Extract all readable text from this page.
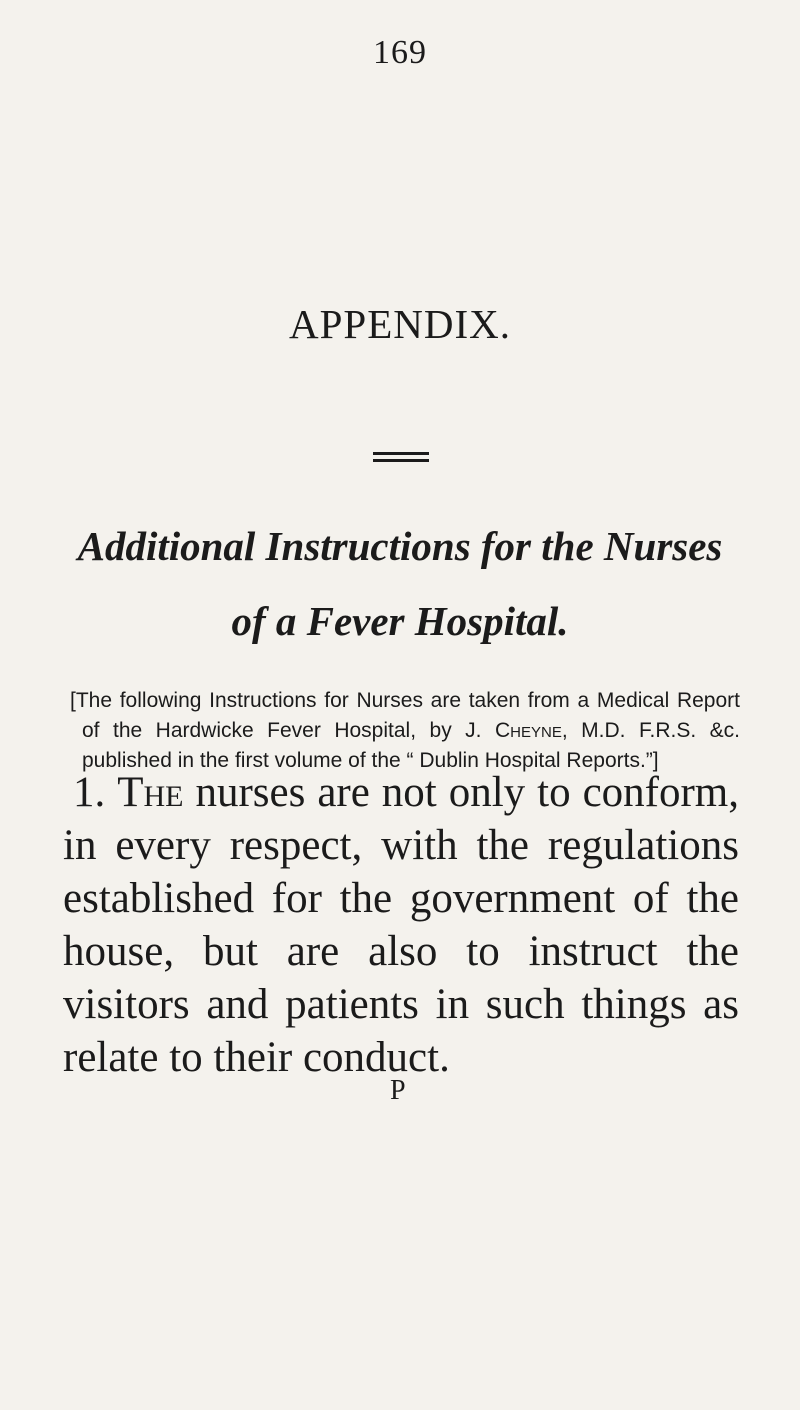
169
APPENDIX.
Additional Instructions for the Nurses
of a Fever Hospital.
[The following Instructions for Nurses are taken from a Medical Report of the Hardwicke Fever Hospital, by J. Cheyne, M.D. F.R.S. &c. published in the first volume of the “ Dublin Hospital Reports.”]
1. The nurses are not only to conform, in every respect, with the regulations established for the government of the house, but are also to instruct the visitors and patients in such things as relate to their conduct.
P
